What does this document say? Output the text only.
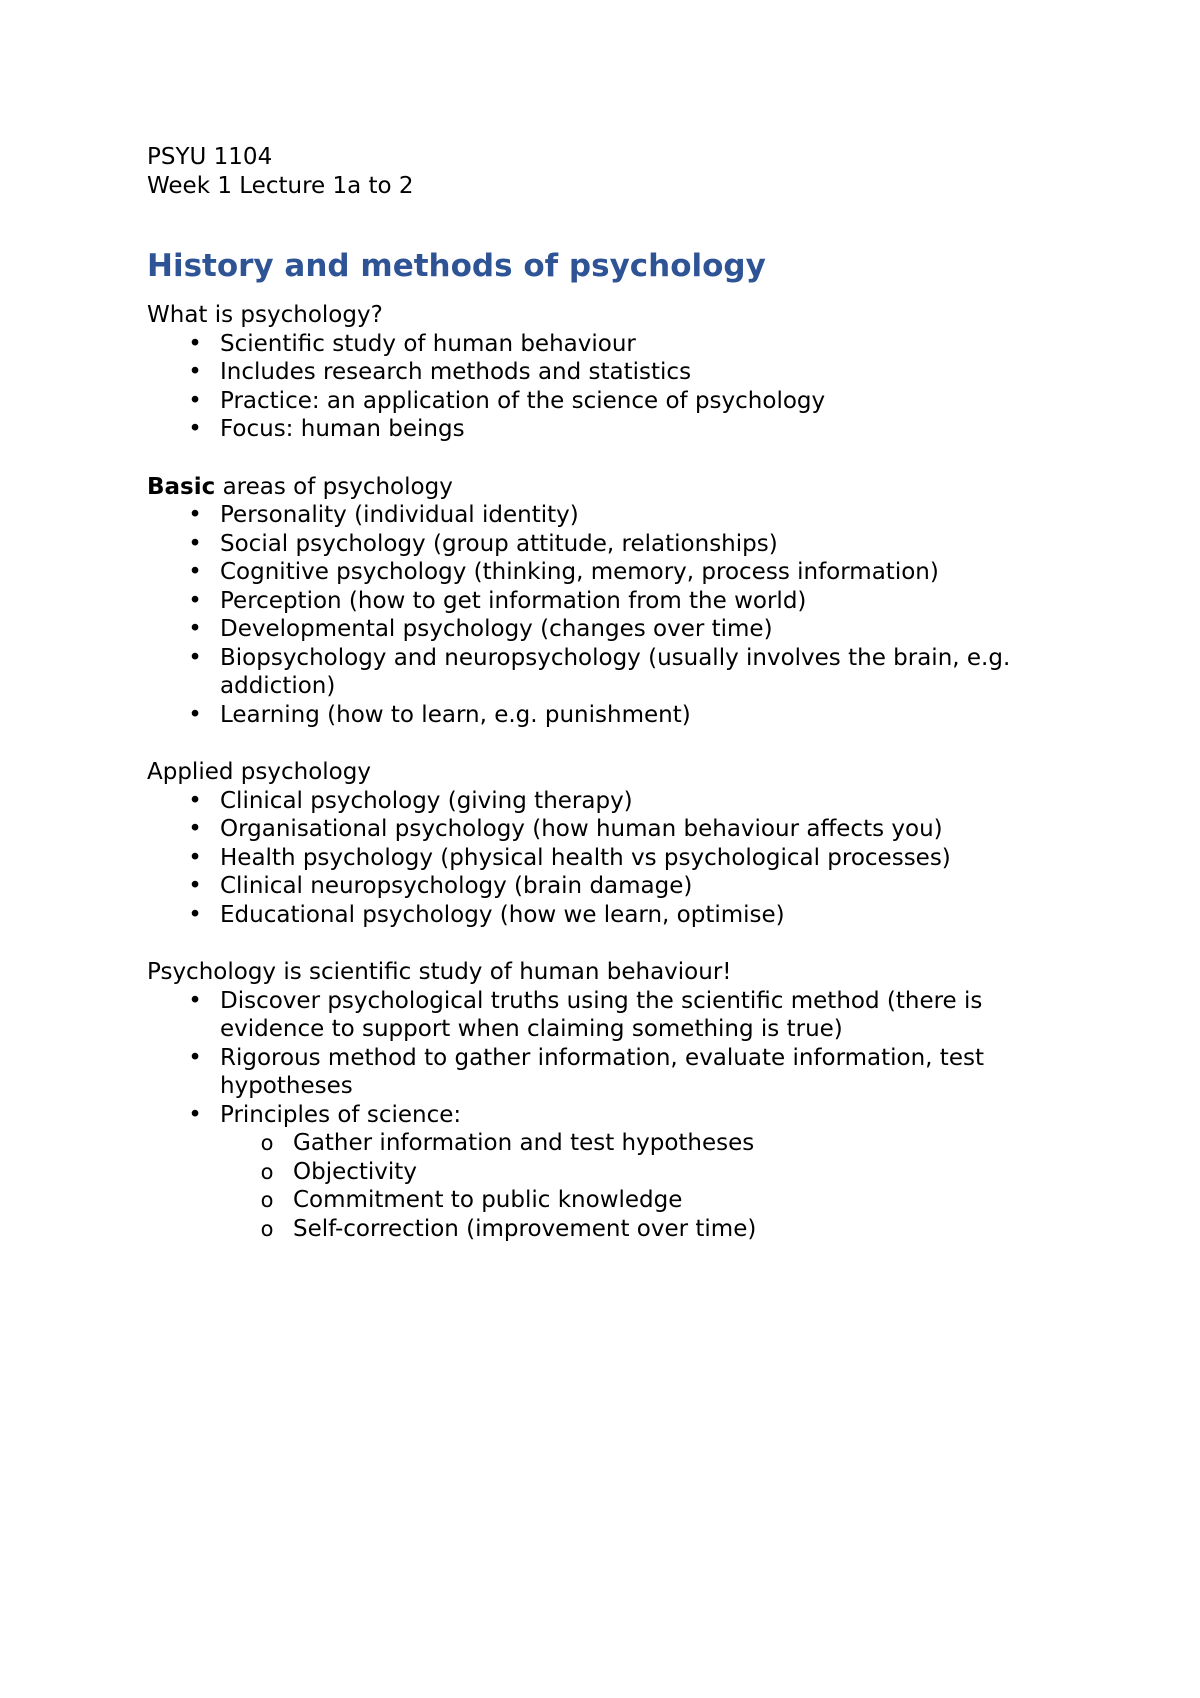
PSYU 1104

Week 1 Lecture 1a to 2

History and methods of psychology

What is psychology?

• Scientific study of human behaviour
• Includes research methods and statistics
• Practice: an application of the science of psychology
• Focus: human beings

Basic areas of psychology

• Personality (individual identity)
• Social psychology (group attitude, relationships)
• Cognitive psychology (thinking, memory, process information)
• Perception (how to get information from the world)
• Developmental psychology (changes over time)
• Biopsychology and neuropsychology (usually involves the brain, e.g. addiction)
• Learning (how to learn, e.g. punishment)

Applied psychology

• Clinical psychology (giving therapy)
• Organisational psychology (how human behaviour affects you)
• Health psychology (physical health vs psychological processes)
• Clinical neuropsychology (brain damage)
• Educational psychology (how we learn, optimise)

Psychology is scientific study of human behaviour!

• Discover psychological truths using the scientific method (there is evidence to support when claiming something is true)
• Rigorous method to gather information, evaluate information, test hypotheses
• Principles of science:
o Gather information and test hypotheses
o Objectivity
o Commitment to public knowledge
o Self-correction (improvement over time)
